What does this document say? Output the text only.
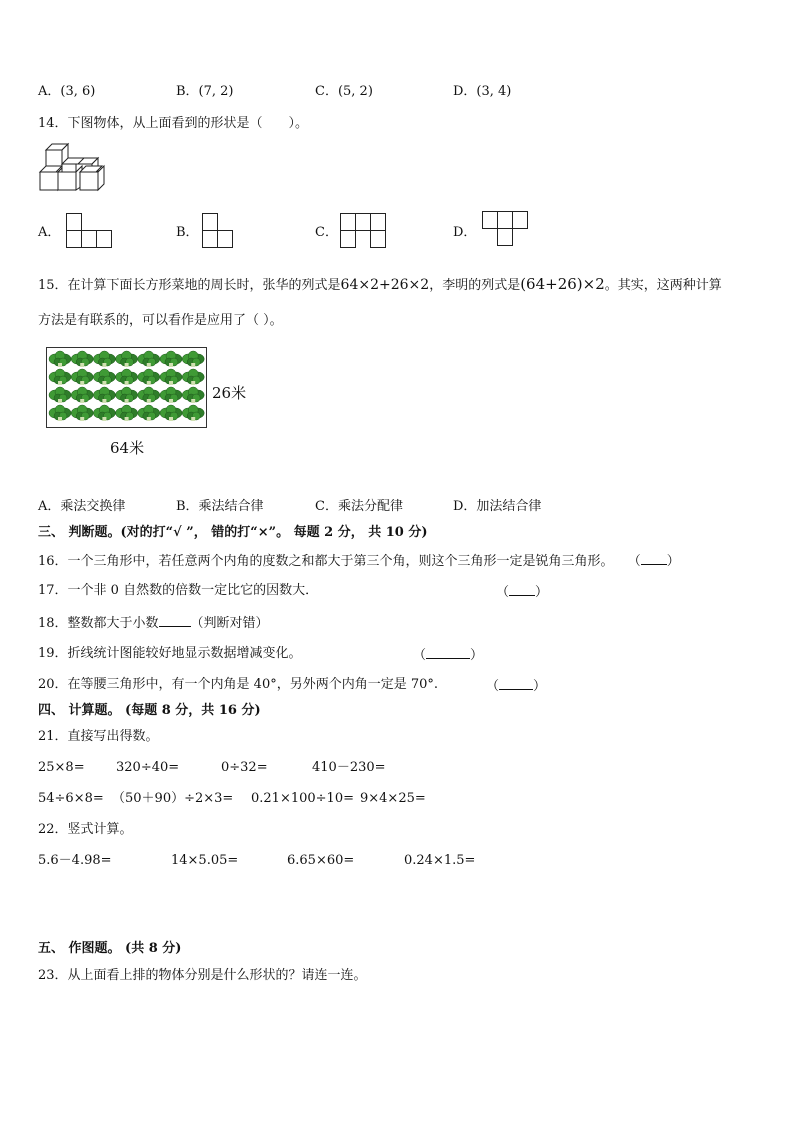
A．(3, 6)	B．(7, 2)	C．(5, 2)	D．(3, 4)
14．下图物体，从上面看到的形状是（　　）。
A．	B．	C．	D．
15．在计算下面长方形菜地的周长时，张华的列式是64×2+26×2，李明的列式是(64+26)×2。其实，这两种计算
方法是有联系的，可以看作是应用了（ ）。
26米
64米
A．乘法交换律	B．乘法结合律	C．乘法分配律	D．加法结合律
三、 判断题。(对的打“√ ”， 错的打“×”。 每题 2 分， 共 10 分)
16．一个三角形中，若任意两个内角的度数之和都大于第三个角，则这个三角形一定是锐角三角形。 （ ）
17．一个非 0 自然数的倍数一定比它的因数大．	（ ）
18．整数都大于小数 （判断对错）
19．折线统计图能较好地显示数据增减变化。	（	）
20．在等腰三角形中，有一个内角是 40°，另外两个内角一定是 70°.	（	）
四、 计算题。 (每题 8 分，共 16 分)
21．直接写出得数。
25×8= 320÷40=	0÷32=	410－230=
54÷6×8= （50＋90）÷2×3= 0.21×100÷10= 9×4×25=
22．竖式计算。
5.6－4.98=	14×5.05=	6.65×60=	0.24×1.5=
五、 作图题。 (共 8 分)
23．从上面看上排的物体分别是什么形状的？请连一连。
